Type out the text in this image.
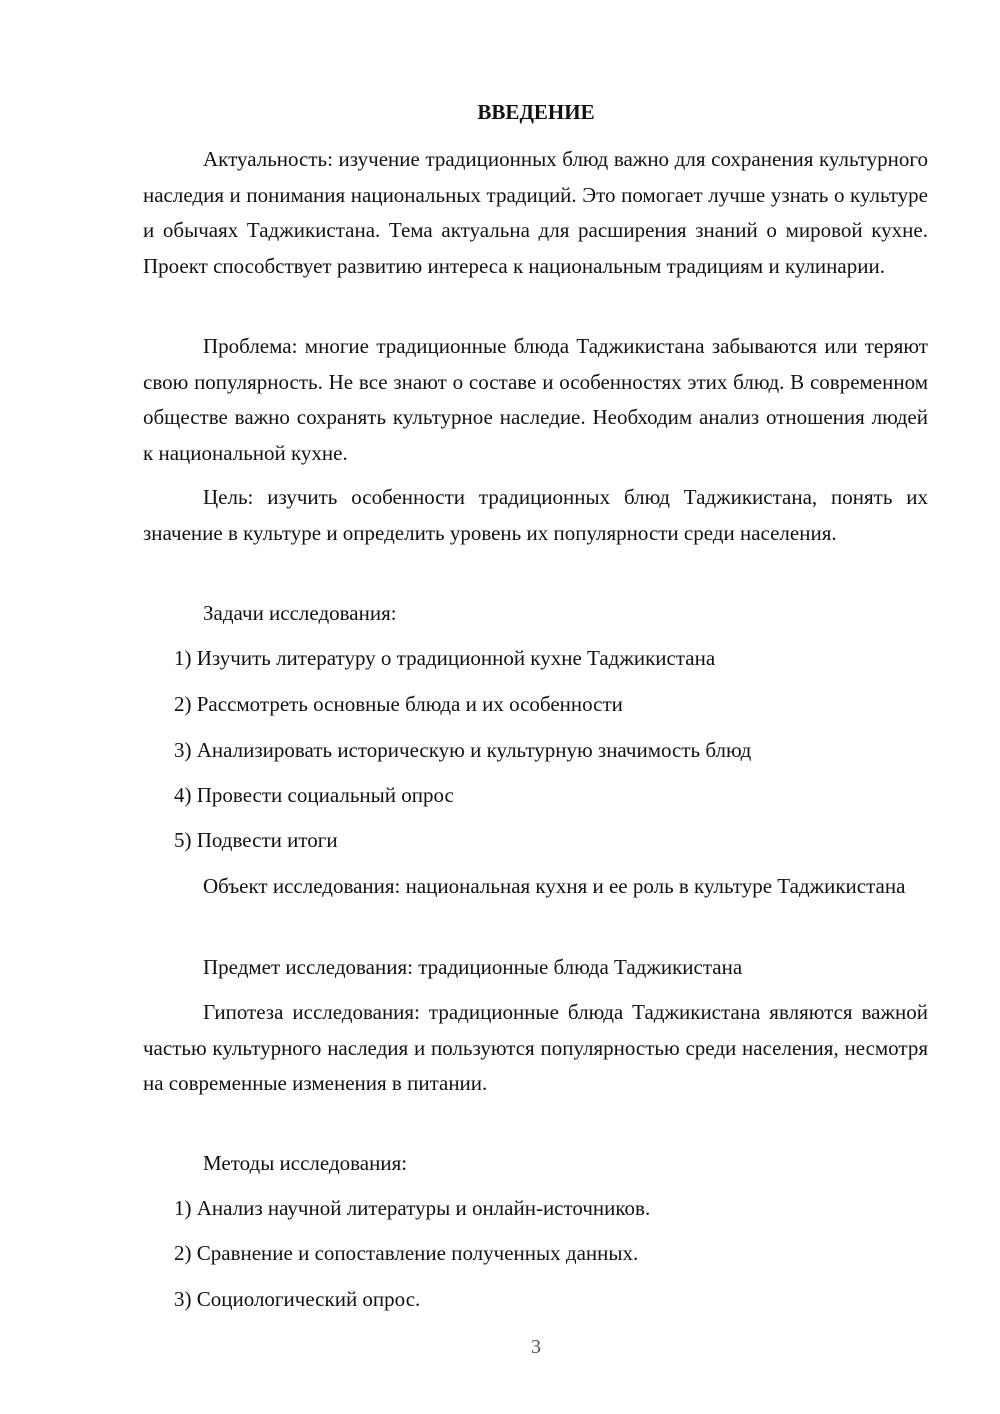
ВВЕДЕНИЕ

Актуальность: изучение традиционных блюд важно для сохранения культурного наследия и понимания национальных традиций. Это помогает лучше узнать о культуре и обычаях Таджикистана. Тема актуальна для расширения знаний о мировой кухне. Проект способствует развитию интереса к национальным традициям и кулинарии.

Проблема: многие традиционные блюда Таджикистана забываются или теряют свою популярность. Не все знают о составе и особенностях этих блюд. В современном обществе важно сохранять культурное наследие. Необходим анализ отношения людей к национальной кухне.

Цель: изучить особенности традиционных блюд Таджикистана, понять их значение в культуре и определить уровень их популярности среди населения.

Задачи исследования:

1) Изучить литературу о традиционной кухне Таджикистана

2) Рассмотреть основные блюда и их особенности

3) Анализировать историческую и культурную значимость блюд

4) Провести социальный опрос

5) Подвести итоги

Объект исследования: национальная кухня и ее роль в культуре Таджикистана

Предмет исследования: традиционные блюда Таджикистана

Гипотеза исследования: традиционные блюда Таджикистана являются важной частью культурного наследия и пользуются популярностью среди населения, несмотря на современные изменения в питании.

Методы исследования:

1) Анализ научной литературы и онлайн-источников.

2) Сравнение и сопоставление полученных данных.

3) Социологический опрос.

3
